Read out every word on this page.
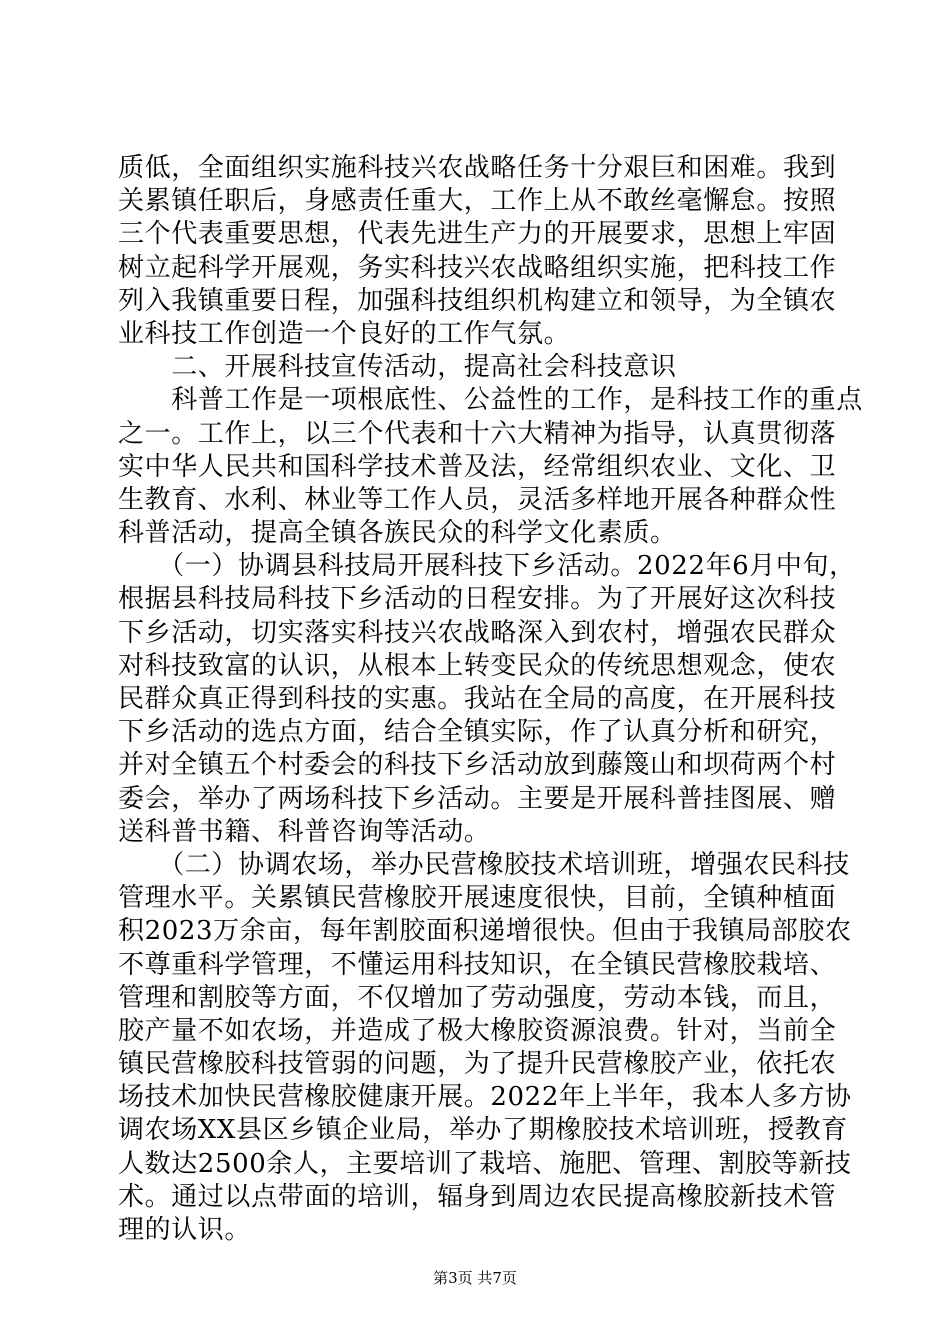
质低，全面组织实施科技兴农战略任务十分艰巨和困难。我到
关累镇任职后，身感责任重大，工作上从不敢丝毫懈怠。按照
三个代表重要思想，代表先进生产力的开展要求，思想上牢固
树立起科学开展观，务实科技兴农战略组织实施，把科技工作
列入我镇重要日程，加强科技组织机构建立和领导，为全镇农
业科技工作创造一个良好的工作气氛。
　　二、开展科技宣传活动，提高社会科技意识
　　科普工作是一项根底性、公益性的工作，是科技工作的重点
之一。工作上，以三个代表和十六大精神为指导，认真贯彻落
实中华人民共和国科学技术普及法，经常组织农业、文化、卫
生教育、水利、林业等工作人员，灵活多样地开展各种群众性
科普活动，提高全镇各族民众的科学文化素质。
　　（一）协调县科技局开展科技下乡活动。2022年6月中旬，
根据县科技局科技下乡活动的日程安排。为了开展好这次科技
下乡活动，切实落实科技兴农战略深入到农村，增强农民群众
对科技致富的认识，从根本上转变民众的传统思想观念，使农
民群众真正得到科技的实惠。我站在全局的高度，在开展科技
下乡活动的选点方面，结合全镇实际，作了认真分析和研究，
并对全镇五个村委会的科技下乡活动放到藤篾山和坝荷两个村
委会，举办了两场科技下乡活动。主要是开展科普挂图展、赠
送科普书籍、科普咨询等活动。
　　（二）协调农场，举办民营橡胶技术培训班，增强农民科技
管理水平。关累镇民营橡胶开展速度很快，目前，全镇种植面
积2023万余亩，每年割胶面积递增很快。但由于我镇局部胶农
不尊重科学管理，不懂运用科技知识，在全镇民营橡胶栽培、
管理和割胶等方面，不仅增加了劳动强度，劳动本钱，而且，
胶产量不如农场，并造成了极大橡胶资源浪费。针对，当前全
镇民营橡胶科技管弱的问题，为了提升民营橡胶产业，依托农
场技术加快民营橡胶健康开展。2022年上半年，我本人多方协
调农场XX县区乡镇企业局，举办了期橡胶技术培训班，授教育
人数达2500余人，主要培训了栽培、施肥、管理、割胶等新技
术。通过以点带面的培训，辐身到周边农民提高橡胶新技术管
理的认识。
第3页 共7页
